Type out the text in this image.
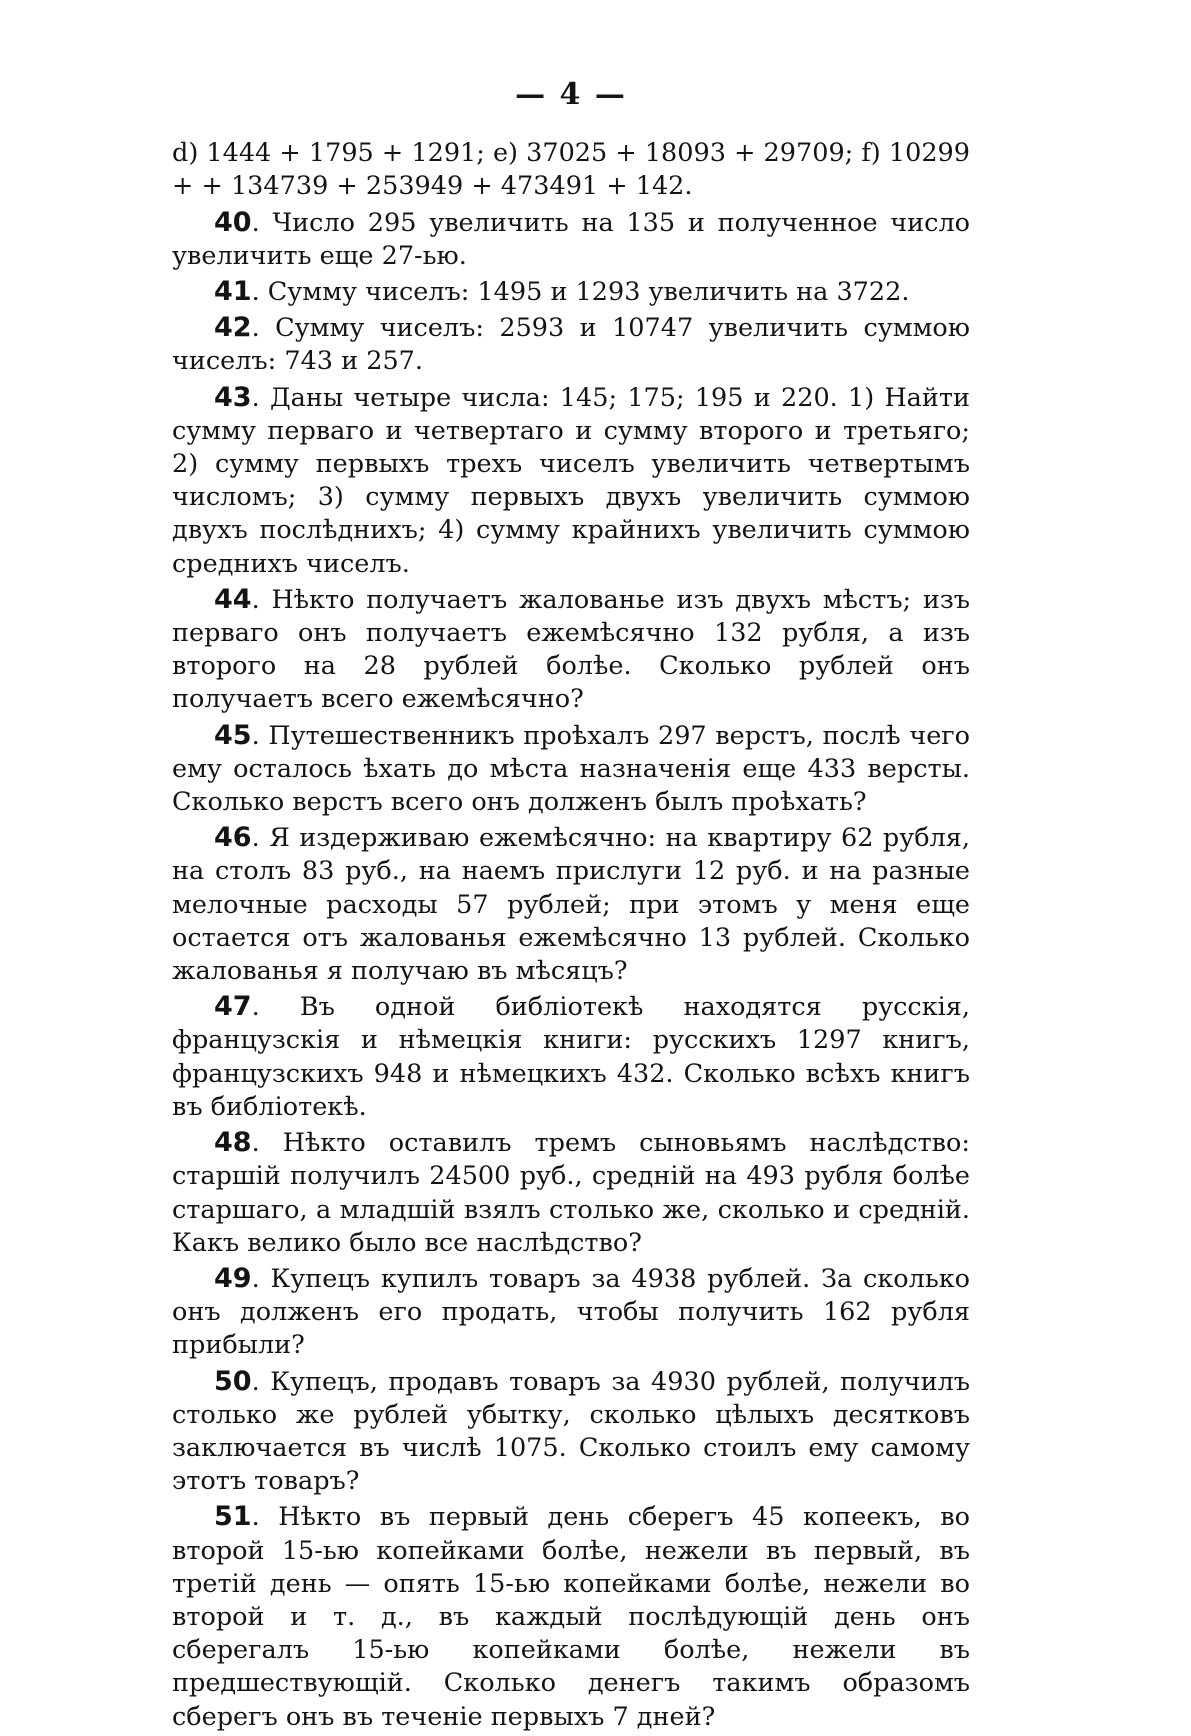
— 4 —
d) 1444 + 1795 + 1291; e) 37025 + 18093 + 29709; f) 10299 + + 134739 + 253949 + 473491 + 142.
40. Число 295 увеличить на 135 и полученное число увеличить еще 27-ью.
41. Сумму чиселъ: 1495 и 1293 увеличить на 3722.
42. Сумму чиселъ: 2593 и 10747 увеличить суммою чиселъ: 743 и 257.
43. Даны четыре числа: 145; 175; 195 и 220. 1) Найти сумму перваго и четвертаго и сумму второго и третьяго; 2) сумму первыхъ трехъ чиселъ увеличить четвертымъ числомъ; 3) сумму первыхъ двухъ увеличить суммою двухъ послѣднихъ; 4) сумму крайнихъ увеличить суммою среднихъ чиселъ.
44. Нѣкто получаетъ жалованье изъ двухъ мѣстъ; изъ перваго онъ получаетъ ежемѣсячно 132 рубля, а изъ второго на 28 рублей болѣе. Сколько рублей онъ получаетъ всего ежемѣсячно?
45. Путешественникъ проѣхалъ 297 верстъ, послѣ чего ему осталось ѣхать до мѣста назначенія еще 433 версты. Сколько верстъ всего онъ долженъ былъ проѣхать?
46. Я издерживаю ежемѣсячно: на квартиру 62 рубля, на столъ 83 руб., на наемъ прислуги 12 руб. и на разные мелочные расходы 57 рублей; при этомъ у меня еще остается отъ жалованья ежемѣсячно 13 рублей. Сколько жалованья я получаю въ мѣсяцъ?
47. Въ одной библіотекѣ находятся русскія, французскія и нѣмецкія книги: русскихъ 1297 книгъ, французскихъ 948 и нѣмецкихъ 432. Сколько всѣхъ книгъ въ библіотекѣ.
48. Нѣкто оставилъ тремъ сыновьямъ наслѣдство: старшій получилъ 24500 руб., средній на 493 рубля болѣе старшаго, а младшій взялъ столько же, сколько и средній. Какъ велико было все наслѣдство?
49. Купецъ купилъ товаръ за 4938 рублей. За сколько онъ долженъ его продать, чтобы получить 162 рубля прибыли?
50. Купецъ, продавъ товаръ за 4930 рублей, получилъ столько же рублей убытку, сколько цѣлыхъ десятковъ заключается въ числѣ 1075. Сколько стоилъ ему самому этотъ товаръ?
51. Нѣкто въ первый день сберегъ 45 копеекъ, во второй 15-ью копейками болѣе, нежели въ первый, въ третій день — опять 15-ью копейками болѣе, нежели во второй и т. д., въ каждый послѣдующій день онъ сберегалъ 15-ью копейками болѣе, нежели въ предшествующій. Сколько денегъ такимъ образомъ сберегъ онъ въ теченіе первыхъ 7 дней?
